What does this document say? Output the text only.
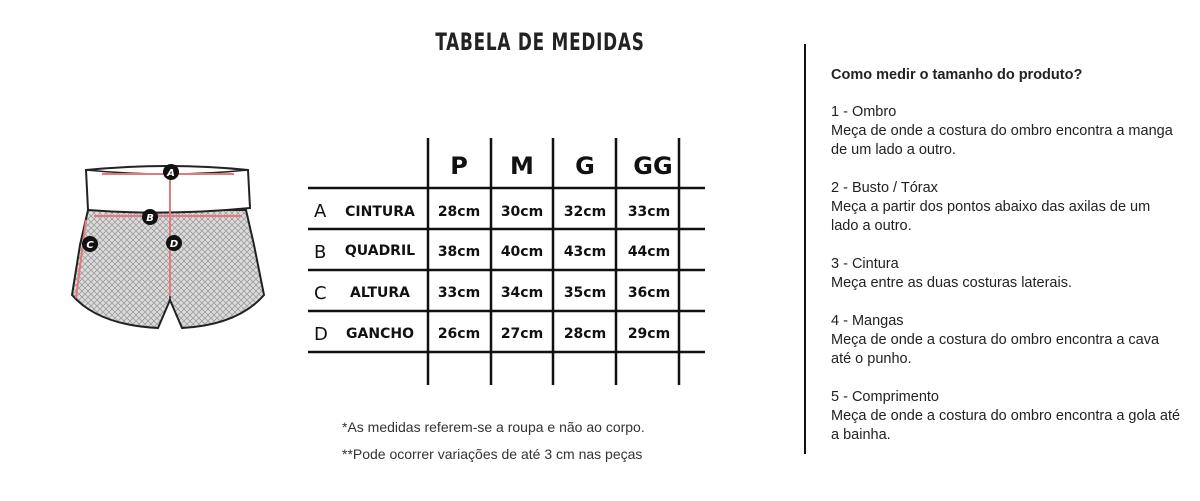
TABELA DE MEDIDAS
A
B
C	D
P M G GG
A CINTURA 28cm 30cm 32cm 33cm
B QUADRIL 38cm 40cm 43cm 44cm
C ALTURA 33cm 34cm 35cm 36cm
D GANCHO 26cm 27cm 28cm 29cm
*As medidas referem-se a roupa e não ao corpo.
**Pode ocorrer variações de até 3 cm nas peças
Como medir o tamanho do produto?
1 - Ombro
Meça de onde a costura do ombro encontra a manga de um lado a outro.
2 - Busto / Tórax
Meça a partir dos pontos abaixo das axilas de um lado a outro.
3 - Cintura
Meça entre as duas costuras laterais.
4 - Mangas
Meça de onde a costura do ombro encontra a cava até o punho.
5 - Comprimento
Meça de onde a costura do ombro encontra a gola até a bainha.
